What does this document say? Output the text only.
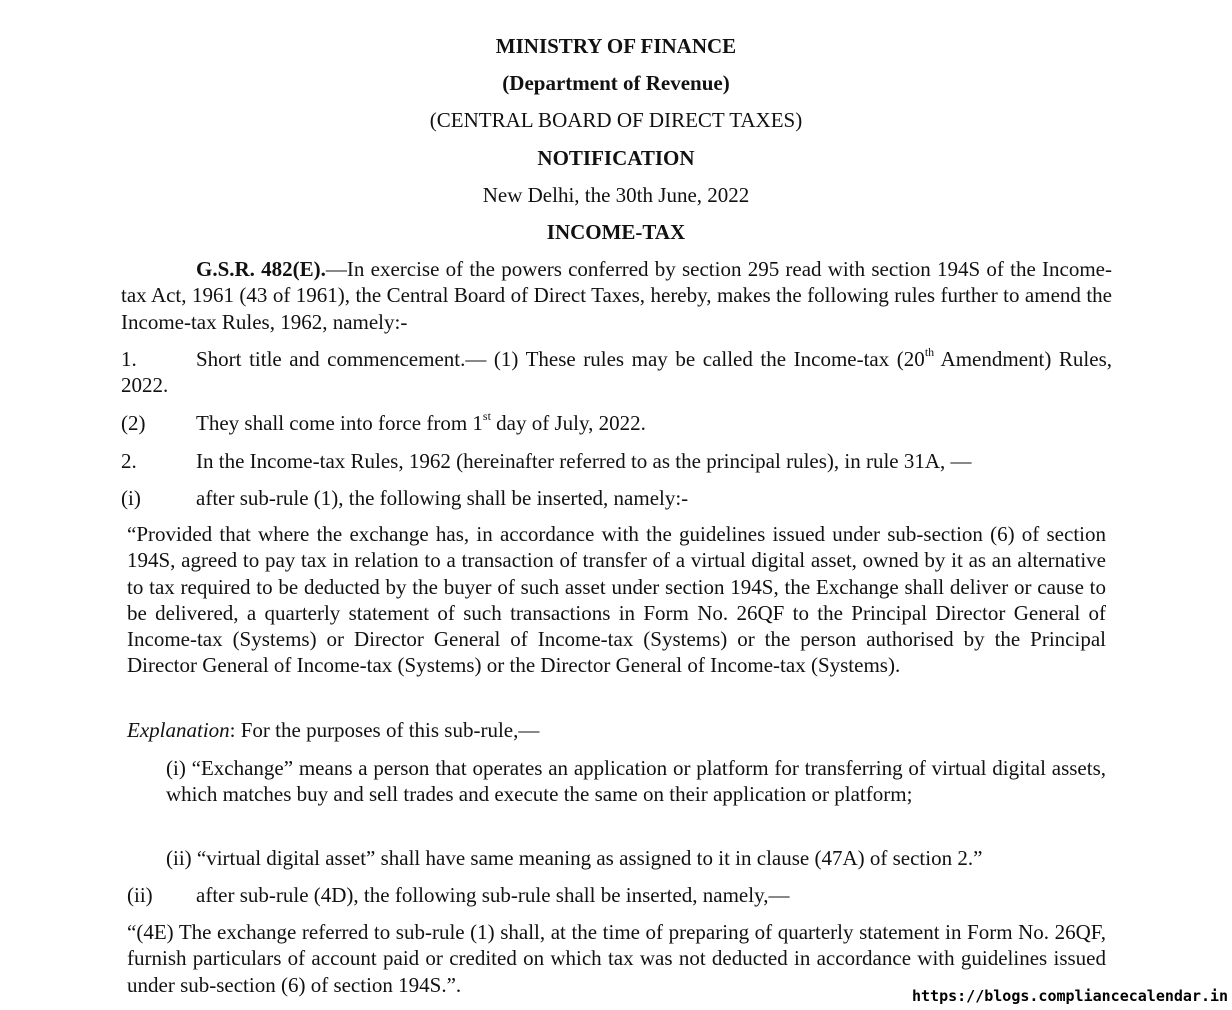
MINISTRY OF FINANCE
(Department of Revenue)
(CENTRAL BOARD OF DIRECT TAXES)
NOTIFICATION
New Delhi, the 30th June, 2022
INCOME-TAX
G.S.R. 482(E).—In exercise of the powers conferred by section 295 read with section 194S of the Income-tax Act, 1961 (43 of 1961), the Central Board of Direct Taxes, hereby, makes the following rules further to amend the Income-tax Rules, 1962, namely:-
1.	Short title and commencement.— (1) These rules may be called the Income-tax (20th Amendment) Rules, 2022.
(2) They shall come into force from 1st day of July, 2022.
2.	In the Income-tax Rules, 1962 (hereinafter referred to as the principal rules), in rule 31A, —
(i)	after sub-rule (1), the following shall be inserted, namely:-
“Provided that where the exchange has, in accordance with the guidelines issued under sub-section (6) of section 194S, agreed to pay tax in relation to a transaction of transfer of a virtual digital asset, owned by it as an alternative to tax required to be deducted by the buyer of such asset under section 194S, the Exchange shall deliver or cause to be delivered, a quarterly statement of such transactions in Form No. 26QF to the Principal Director General of Income-tax (Systems) or Director General of Income-tax (Systems) or the person authorised by the Principal Director General of Income-tax (Systems) or the Director General of Income-tax (Systems).
Explanation: For the purposes of this sub-rule,—
(i) “Exchange” means a person that operates an application or platform for transferring of virtual digital assets, which matches buy and sell trades and execute the same on their application or platform;
(ii) “virtual digital asset” shall have same meaning as assigned to it in clause (47A) of section 2.”
(ii) after sub-rule (4D), the following sub-rule shall be inserted, namely,—
“(4E) The exchange referred to sub-rule (1) shall, at the time of preparing of quarterly statement in Form No. 26QF, furnish particulars of account paid or credited on which tax was not deducted in accordance with guidelines issued under sub-section (6) of section 194S.”.	https://blogs.compliancecalendar.in
